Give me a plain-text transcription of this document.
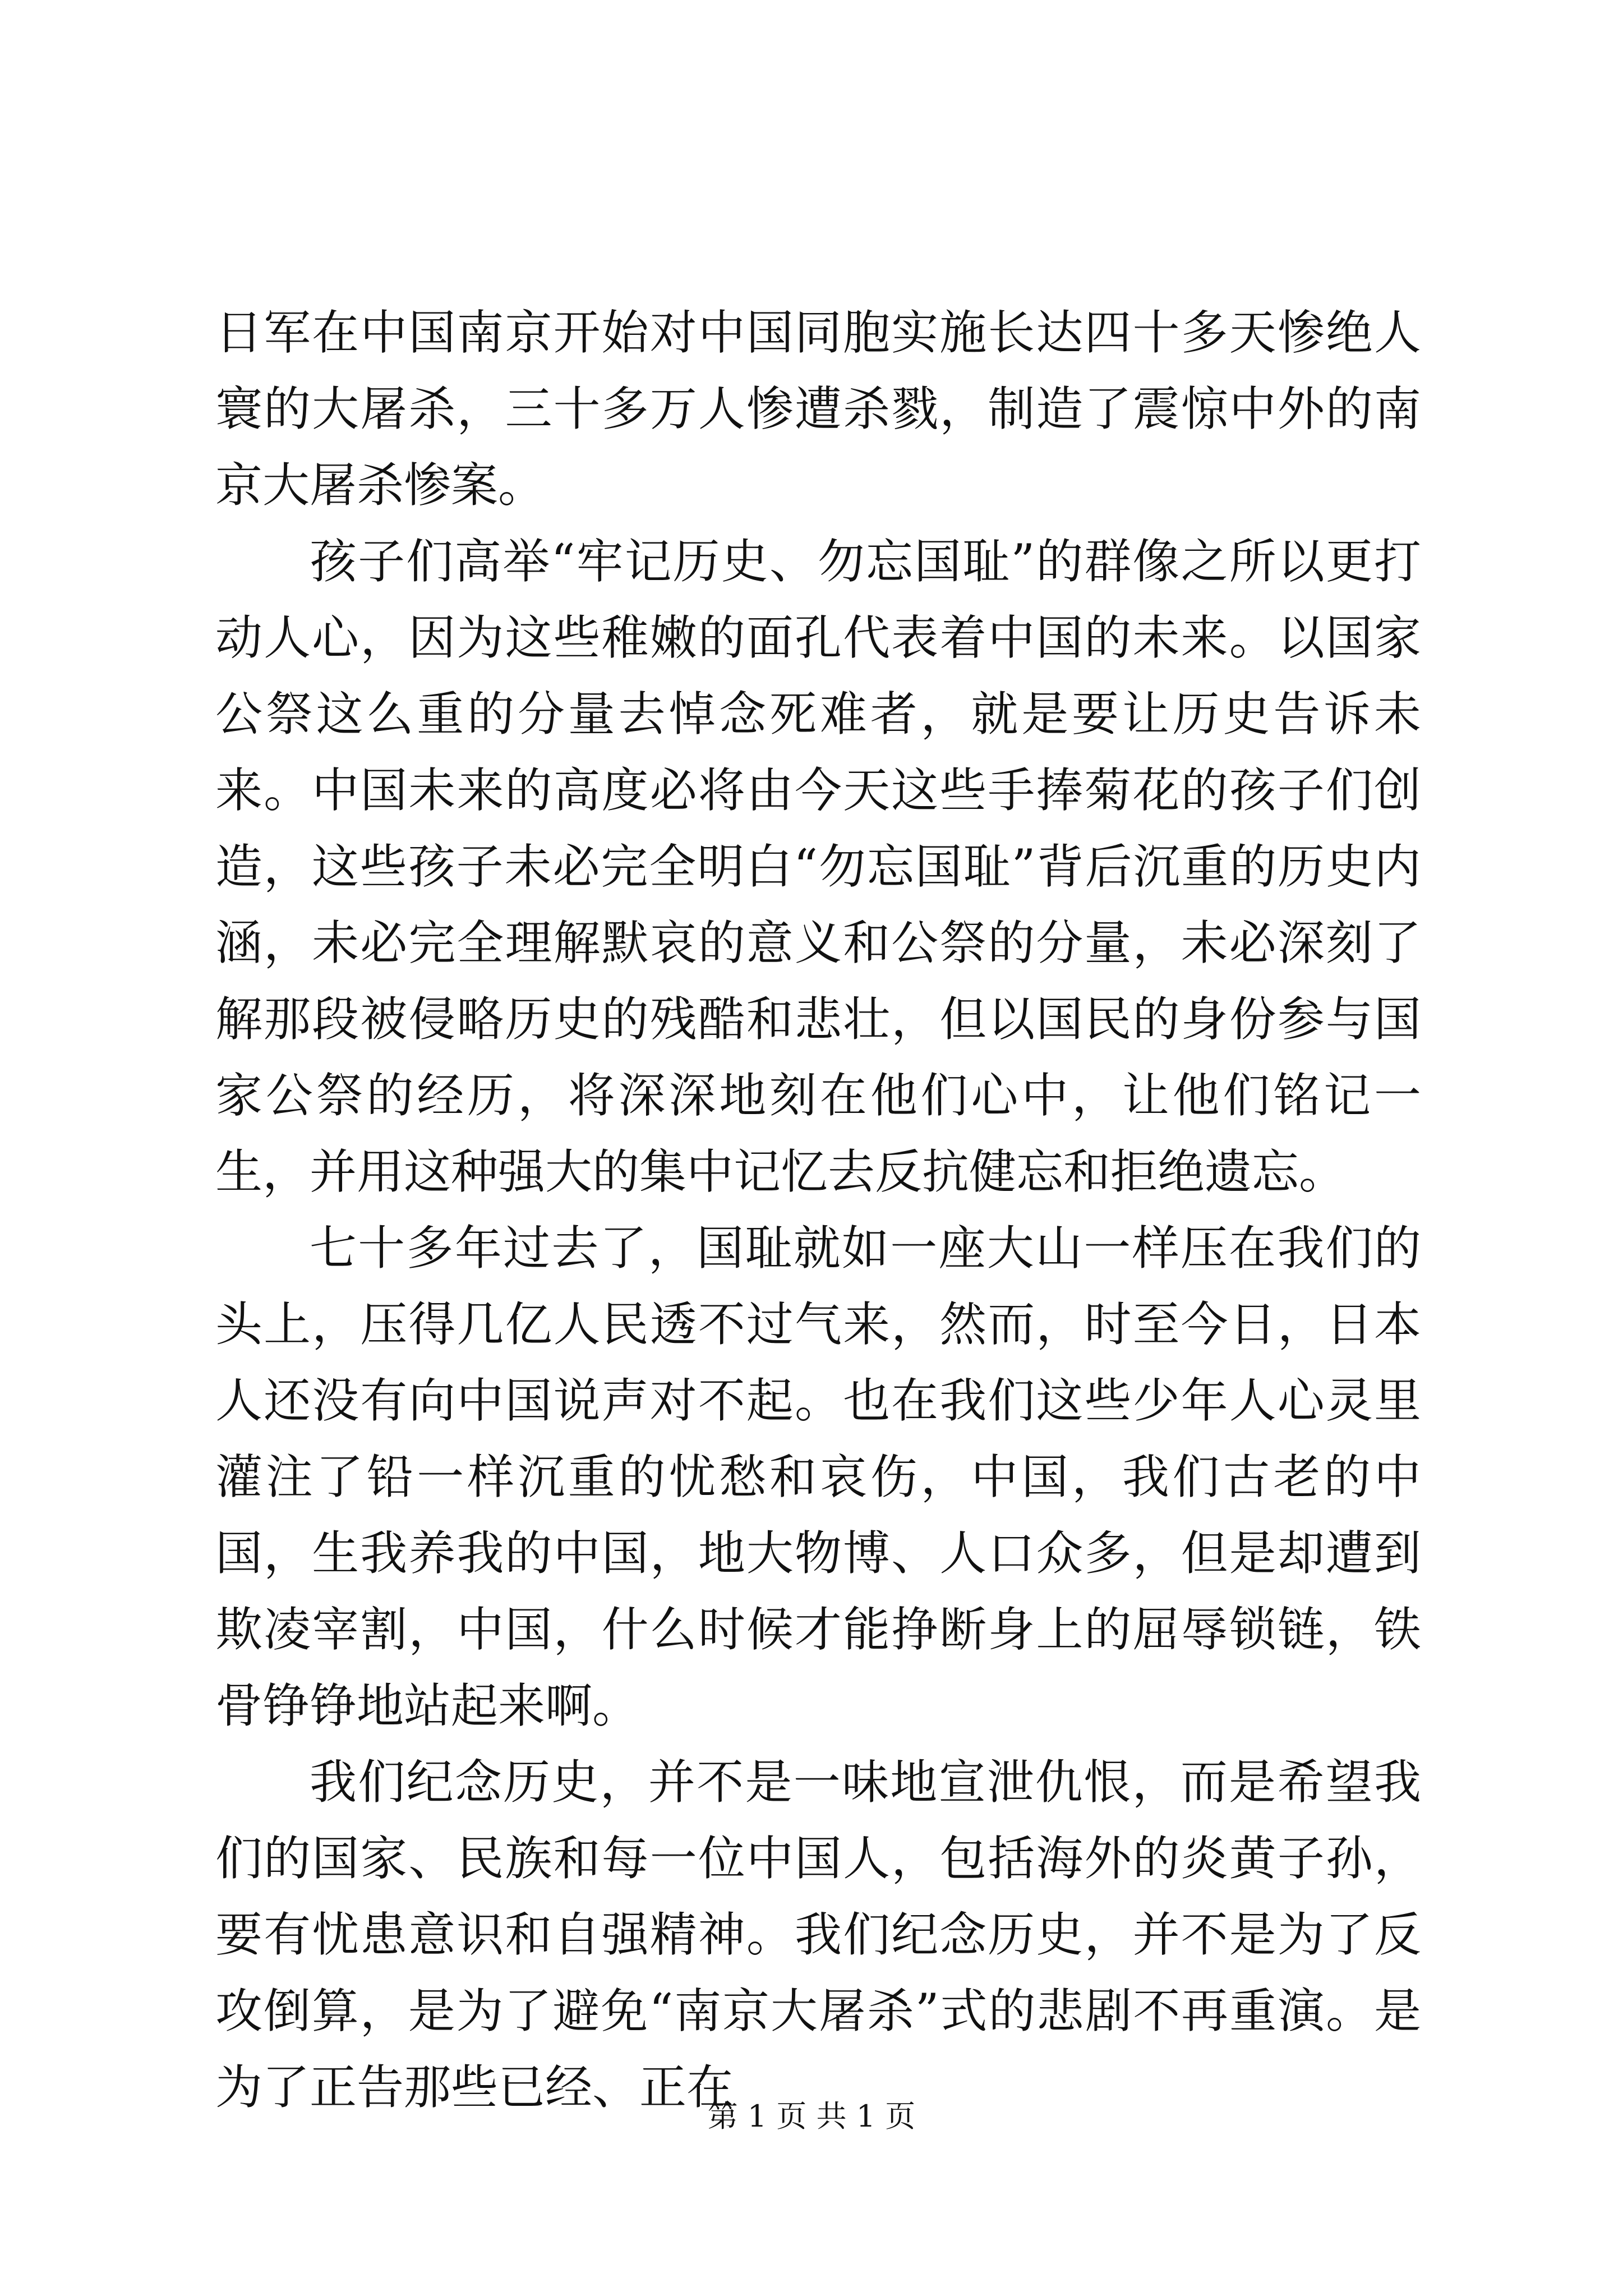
日军在中国南京开始对中国同胞实施长达四十多天惨绝人寰的大屠杀，三十多万人惨遭杀戮，制造了震惊中外的南京大屠杀惨案。

孩子们高举“牢记历史、勿忘国耻”的群像之所以更打动人心，因为这些稚嫩的面孔代表着中国的未来。以国家公祭这么重的分量去悼念死难者，就是要让历史告诉未来。中国未来的高度必将由今天这些手捧菊花的孩子们创造，这些孩子未必完全明白“勿忘国耻”背后沉重的历史内涵，未必完全理解默哀的意义和公祭的分量，未必深刻了解那段被侵略历史的残酷和悲壮，但以国民的身份参与国家公祭的经历，将深深地刻在他们心中，让他们铭记一生，并用这种强大的集中记忆去反抗健忘和拒绝遗忘。

七十多年过去了，国耻就如一座大山一样压在我们的头上，压得几亿人民透不过气来，然而，时至今日，日本人还没有向中国说声对不起。也在我们这些少年人心灵里灌注了铅一样沉重的忧愁和哀伤，中国，我们古老的中国，生我养我的中国，地大物博、人口众多，但是却遭到欺凌宰割，中国，什么时候才能挣断身上的屈辱锁链，铁骨铮铮地站起来啊。

我们纪念历史，并不是一味地宣泄仇恨，而是希望我们的国家、民族和每一位中国人，包括海外的炎黄子孙，要有忧患意识和自强精神。我们纪念历史，并不是为了反攻倒算，是为了避免“南京大屠杀”式的悲剧不再重演。是为了正告那些已经、正在

第 1 页 共 1 页
